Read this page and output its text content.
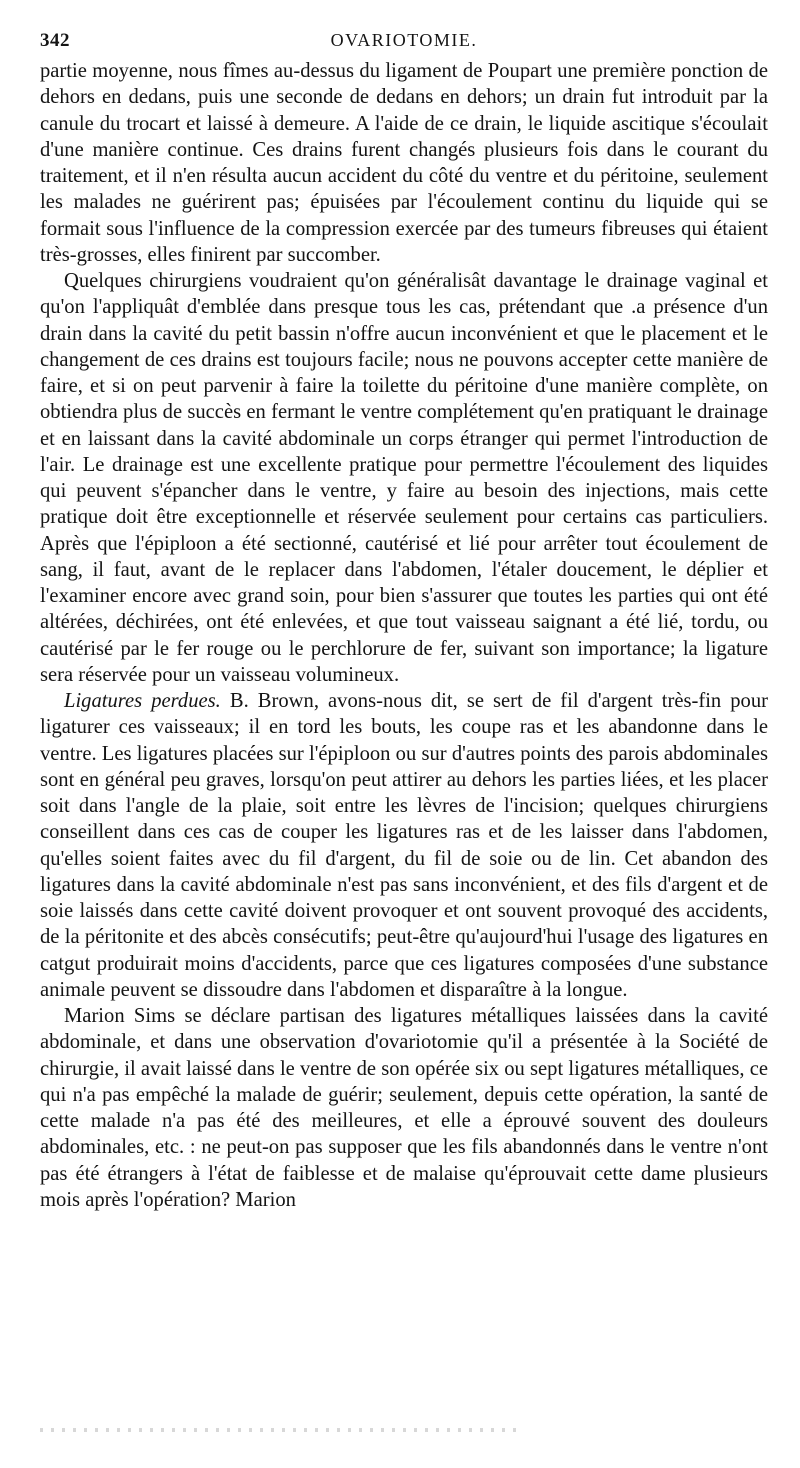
342	OVARIOTOMIE.

partie moyenne, nous fîmes au-dessus du ligament de Poupart une première ponction de dehors en dedans, puis une seconde de dedans en dehors; un drain fut introduit par la canule du trocart et laissé à demeure. A l'aide de ce drain, le liquide ascitique s'écoulait d'une manière continue. Ces drains furent changés plusieurs fois dans le courant du traitement, et il n'en résulta aucun accident du côté du ventre et du péritoine, seulement les malades ne guérirent pas; épuisées par l'écoulement continu du liquide qui se formait sous l'influence de la compression exercée par des tumeurs fibreuses qui étaient très-grosses, elles finirent par succomber.

Quelques chirurgiens voudraient qu'on généralisât davantage le drainage vaginal et qu'on l'appliquât d'emblée dans presque tous les cas, prétendant que .a présence d'un drain dans la cavité du petit bassin n'offre aucun inconvénient et que le placement et le changement de ces drains est toujours facile; nous ne pouvons accepter cette manière de faire, et si on peut parvenir à faire la toilette du péritoine d'une manière complète, on obtiendra plus de succès en fermant le ventre complétement qu'en pratiquant le drainage et en laissant dans la cavité abdominale un corps étranger qui permet l'introduction de l'air. Le drainage est une excellente pratique pour permettre l'écoulement des liquides qui peuvent s'épancher dans le ventre, y faire au besoin des injections, mais cette pratique doit être exceptionnelle et réservée seulement pour certains cas particuliers. Après que l'épiploon a été sectionné, cautérisé et lié pour arrêter tout écoulement de sang, il faut, avant de le replacer dans l'abdomen, l'étaler doucement, le déplier et l'examiner encore avec grand soin, pour bien s'assurer que toutes les parties qui ont été altérées, déchirées, ont été enlevées, et que tout vaisseau saignant a été lié, tordu, ou cautérisé par le fer rouge ou le perchlorure de fer, suivant son importance; la ligature sera réservée pour un vaisseau volumineux.

Ligatures perdues. B. Brown, avons-nous dit, se sert de fil d'argent très-fin pour ligaturer ces vaisseaux; il en tord les bouts, les coupe ras et les abandonne dans le ventre. Les ligatures placées sur l'épiploon ou sur d'autres points des parois abdominales sont en général peu graves, lorsqu'on peut attirer au dehors les parties liées, et les placer soit dans l'angle de la plaie, soit entre les lèvres de l'incision; quelques chirurgiens conseillent dans ces cas de couper les ligatures ras et de les laisser dans l'abdomen, qu'elles soient faites avec du fil d'argent, du fil de soie ou de lin. Cet abandon des ligatures dans la cavité abdominale n'est pas sans inconvénient, et des fils d'argent et de soie laissés dans cette cavité doivent provoquer et ont souvent provoqué des accidents, de la péritonite et des abcès consécutifs; peut-être qu'aujourd'hui l'usage des ligatures en catgut produirait moins d'accidents, parce que ces ligatures composées d'une substance animale peuvent se dissoudre dans l'abdomen et disparaître à la longue.

Marion Sims se déclare partisan des ligatures métalliques laissées dans la cavité abdominale, et dans une observation d'ovariotomie qu'il a présentée à la Société de chirurgie, il avait laissé dans le ventre de son opérée six ou sept ligatures métalliques, ce qui n'a pas empêché la malade de guérir; seulement, depuis cette opération, la santé de cette malade n'a pas été des meilleures, et elle a éprouvé souvent des douleurs abdominales, etc. : ne peut-on pas supposer que les fils abandonnés dans le ventre n'ont pas été étrangers à l'état de faiblesse et de malaise qu'éprouvait cette dame plusieurs mois après l'opération? Marion
